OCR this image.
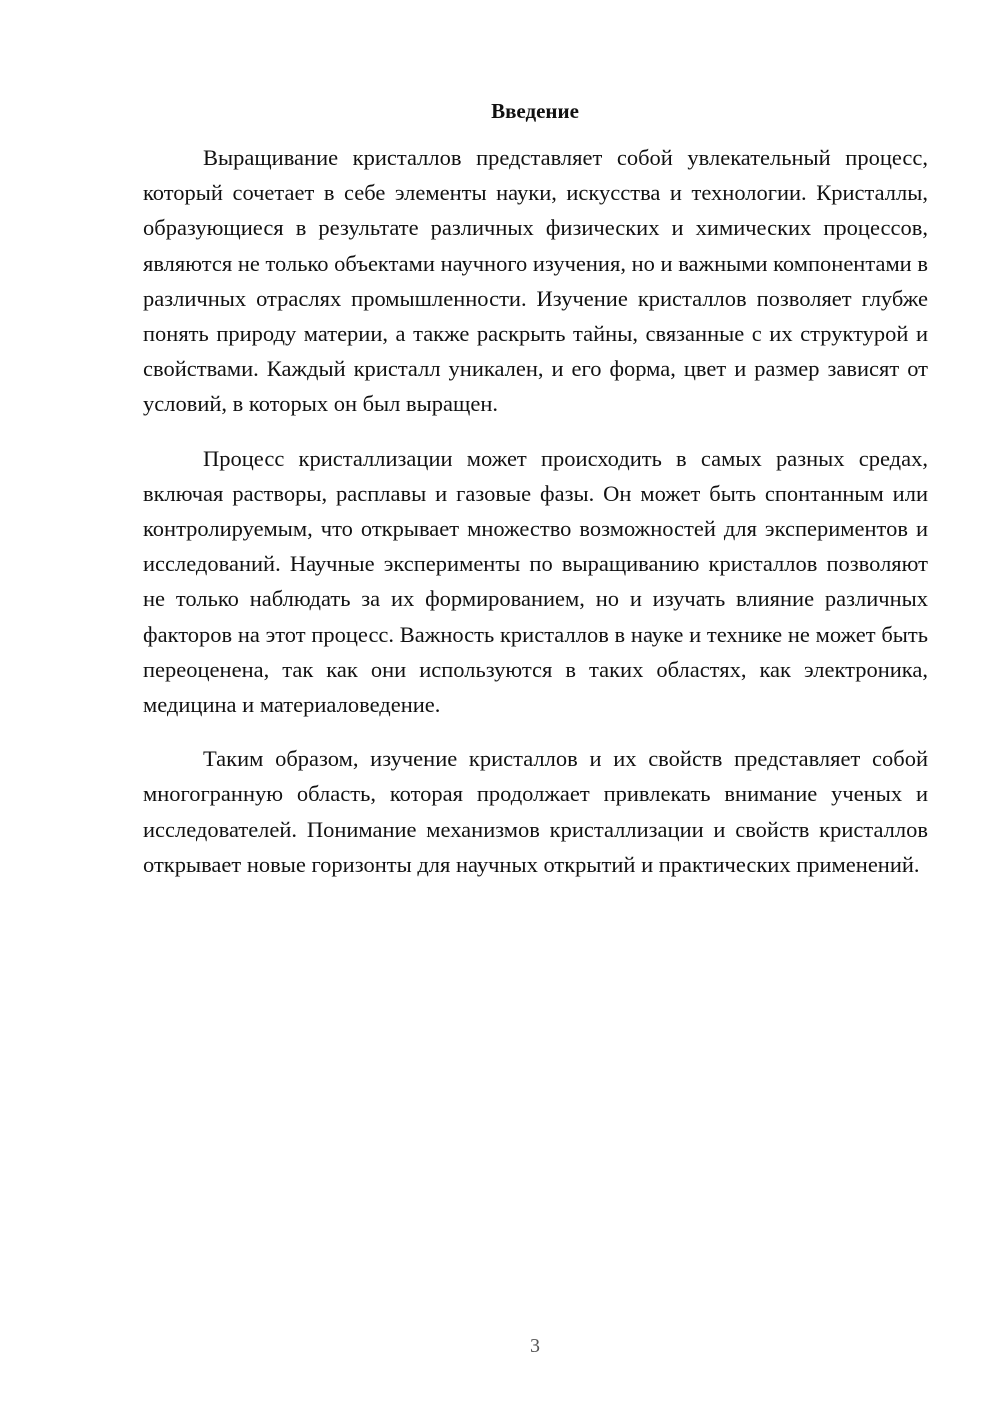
Введение

Выращивание кристаллов представляет собой увлекательный процесс, который сочетает в себе элементы науки, искусства и технологии. Кристаллы, образующиеся в результате различных физических и химических процессов, являются не только объектами научного изучения, но и важными компонентами в различных отраслях промышленности. Изучение кристаллов позволяет глубже понять природу материи, а также раскрыть тайны, связанные с их структурой и свойствами. Каждый кристалл уникален, и его форма, цвет и размер зависят от условий, в которых он был выращен.

Процесс кристаллизации может происходить в самых разных средах, включая растворы, расплавы и газовые фазы. Он может быть спонтанным или контролируемым, что открывает множество возможностей для экспериментов и исследований. Научные эксперименты по выращиванию кристаллов позволяют не только наблюдать за их формированием, но и изучать влияние различных факторов на этот процесс. Важность кристаллов в науке и технике не может быть переоценена, так как они используются в таких областях, как электроника, медицина и материаловедение.

Таким образом, изучение кристаллов и их свойств представляет собой многогранную область, которая продолжает привлекать внимание ученых и исследователей. Понимание механизмов кристаллизации и свойств кристаллов открывает новые горизонты для научных открытий и практических применений.

3
